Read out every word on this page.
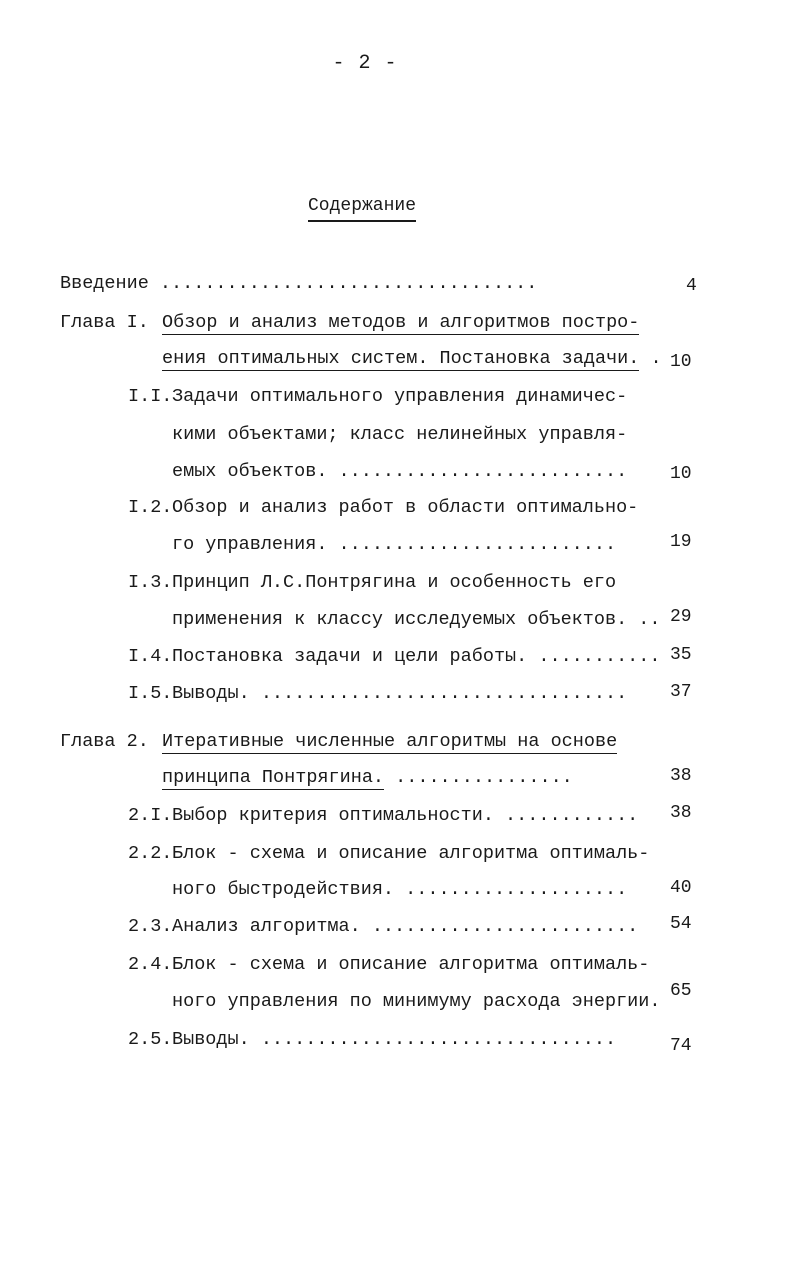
- 2 -
Содержание
Введение ..................................	4
Глава I. Обзор и анализ методов и алгоритмов постро-
ения оптимальных систем. Постановка задачи. . 10
I.I. Задачи оптимального управления динамичес-
кими объектами; класс нелинейных управля-
емых объектов. .......................... 10
I.2. Обзор и анализ работ в области оптимально-
го управления. .........................	19
I.3. Принцип Л.С.Понтрягина и особенность его
применения к классу исследуемых объектов. .. 29
I.4. Постановка задачи и цели работы. ........... 35
I.5. Выводы. ................................. 37
Глава 2. Итеративные численные алгоритмы на основе
принципа Понтрягина. ................	38
2.I. Выбор критерия оптимальности. ............ 38
2.2. Блок - схема и описание алгоритма оптималь-
ного быстродействия. .................... 40
2.3. Анализ алгоритма. ........................ 54
2.4. Блок - схема и описание алгоритма оптималь-
ного управления по минимуму расхода энергии. 65
2.5. Выводы. ................................	74
